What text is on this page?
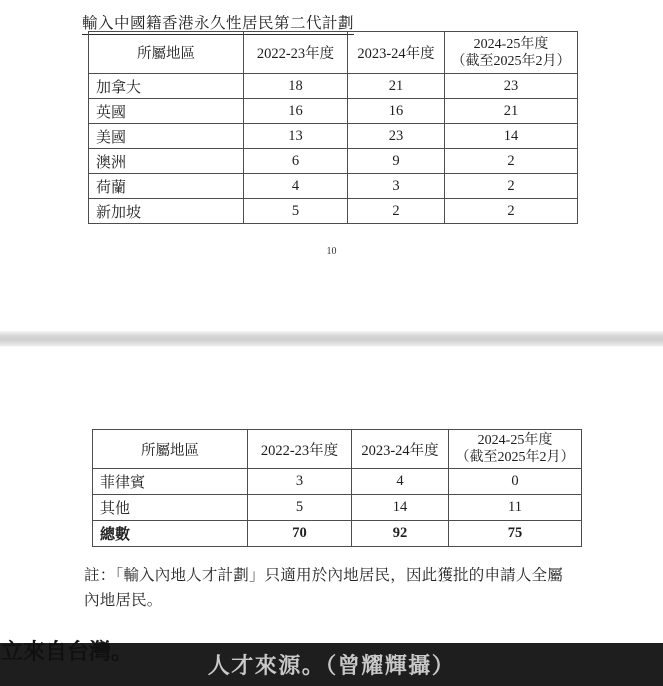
輸入中國籍香港永久性居民第二代計劃
所屬地區	2022-23年度	2023-24年度	2024-25年度
（截至2025年2月）

加拿大	18	21	23
英國	16	16	21
美國	13	23	14
澳洲	6	9	2
荷蘭	4	3	2
新加坡	5	2	2
10
所屬地區	2022-23年度	2023-24年度	2024-25年度
（截至2025年2月）

菲律賓	3	4	0
其他	5	14	11
總數	70	92	75
註：「輸入內地人才計劃」只適用於內地居民，因此獲批的申請人全屬內地居民。
人才來源。（曾耀輝攝）
